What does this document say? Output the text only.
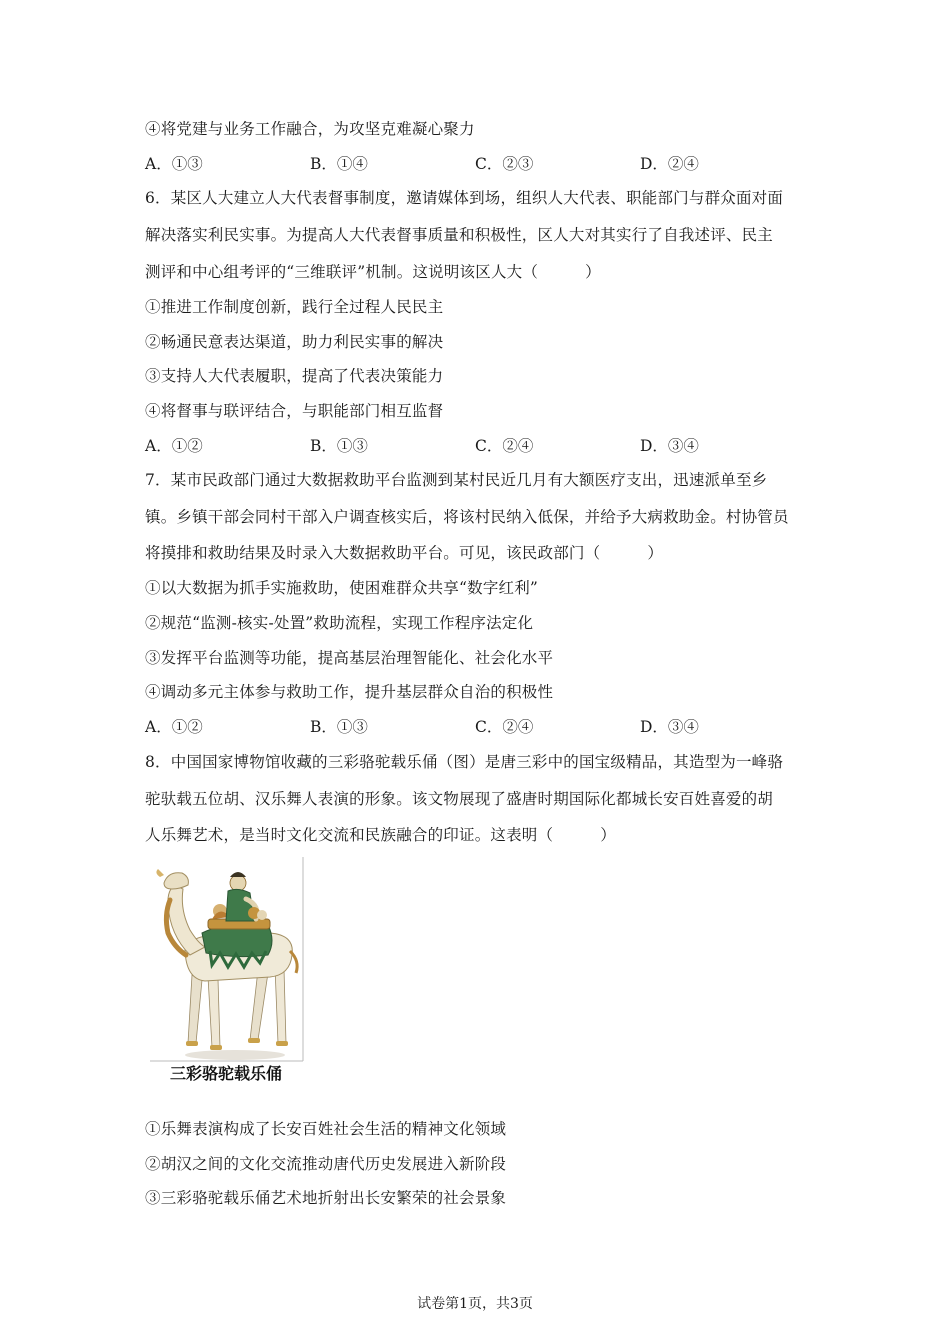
④将党建与业务工作融合，为攻坚克难凝心聚力
A．①③	B．①④	C．②③	D．②④
6．某区人大建立人大代表督事制度，邀请媒体到场，组织人大代表、职能部门与群众面对面
解决落实利民实事。为提高人大代表督事质量和积极性，区人大对其实行了自我述评、民主
测评和中心组考评的“三维联评”机制。这说明该区人大（　　　）
①推进工作制度创新，践行全过程人民民主
②畅通民意表达渠道，助力利民实事的解决
③支持人大代表履职，提高了代表决策能力
④将督事与联评结合，与职能部门相互监督
A．①②	B．①③	C．②④	D．③④
7．某市民政部门通过大数据救助平台监测到某村民近几月有大额医疗支出，迅速派单至乡
镇。乡镇干部会同村干部入户调查核实后，将该村民纳入低保，并给予大病救助金。村协管员
将摸排和救助结果及时录入大数据救助平台。可见，该民政部门（　　　）
①以大数据为抓手实施救助，使困难群众共享“数字红利”
②规范“监测-核实-处置”救助流程，实现工作程序法定化
③发挥平台监测等功能，提高基层治理智能化、社会化水平
④调动多元主体参与救助工作，提升基层群众自治的积极性
A．①②	B．①③	C．②④	D．③④
8．中国国家博物馆收藏的三彩骆驼载乐俑（图）是唐三彩中的国宝级精品，其造型为一峰骆
驼驮载五位胡、汉乐舞人表演的形象。该文物展现了盛唐时期国际化都城长安百姓喜爱的胡
人乐舞艺术，是当时文化交流和民族融合的印证。这表明（　　　）
三彩骆驼载乐俑
①乐舞表演构成了长安百姓社会生活的精神文化领域
②胡汉之间的文化交流推动唐代历史发展进入新阶段
③三彩骆驼载乐俑艺术地折射出长安繁荣的社会景象
试卷第1页，共3页
